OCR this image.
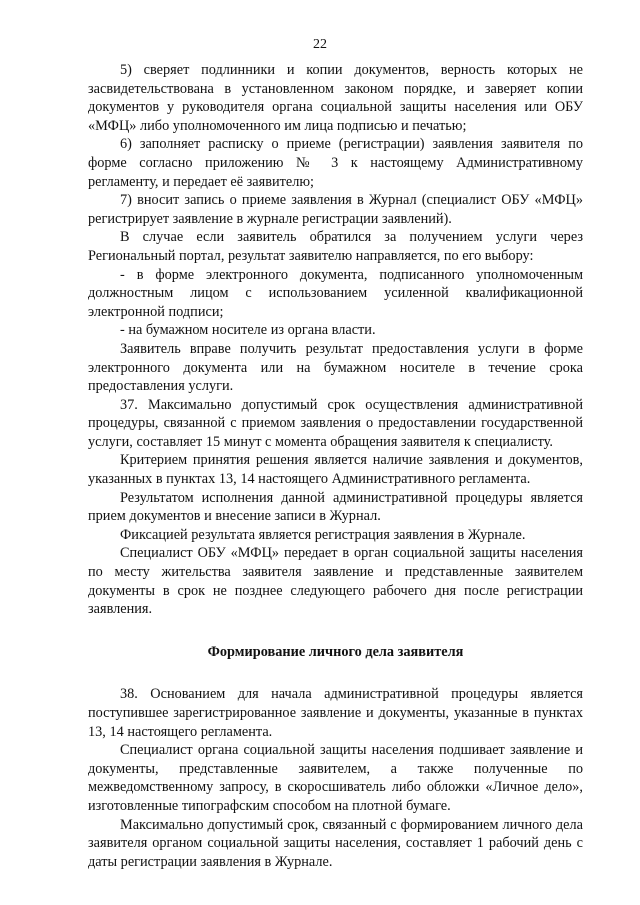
22

5) сверяет подлинники и копии документов, верность которых не засвидетельствована в установленном законом порядке, и заверяет копии документов у руководителя органа социальной защиты населения или ОБУ «МФЦ» либо уполномоченного им лица подписью и печатью;

6) заполняет расписку о приеме (регистрации) заявления заявителя по форме согласно приложению № 3 к настоящему Административному регламенту, и передает её заявителю;

7) вносит запись о приеме заявления в Журнал (специалист ОБУ «МФЦ» регистрирует заявление в журнале регистрации заявлений).

В случае если заявитель обратился за получением услуги через Региональный портал, результат заявителю направляется, по его выбору:

- в форме электронного документа, подписанного уполномоченным должностным лицом с использованием усиленной квалификационной электронной подписи;

- на бумажном носителе из органа власти.

Заявитель вправе получить результат предоставления услуги в форме электронного документа или на бумажном носителе в течение срока предоставления услуги.

37. Максимально допустимый срок осуществления административной процедуры, связанной с приемом заявления о предоставлении государственной услуги, составляет 15 минут с момента обращения заявителя к специалисту.

Критерием принятия решения является наличие заявления и документов, указанных в пунктах 13, 14 настоящего Административного регламента.

Результатом исполнения данной административной процедуры является прием документов и внесение записи в Журнал.

Фиксацией результата является регистрация заявления в Журнале.

Специалист ОБУ «МФЦ» передает в орган социальной защиты населения по месту жительства заявителя заявление и представленные заявителем документы в срок не позднее следующего рабочего дня после регистрации заявления.

Формирование личного дела заявителя

38. Основанием для начала административной процедуры является поступившее зарегистрированное заявление и документы, указанные в пунктах 13, 14 настоящего регламента.

Специалист органа социальной защиты населения подшивает заявление и документы, представленные заявителем, а также полученные по межведомственному запросу, в скоросшиватель либо обложки «Личное дело», изготовленные типографским способом на плотной бумаге.

Максимально допустимый срок, связанный с формированием личного дела заявителя органом социальной защиты населения, составляет 1 рабочий день с даты регистрации заявления в Журнале.
